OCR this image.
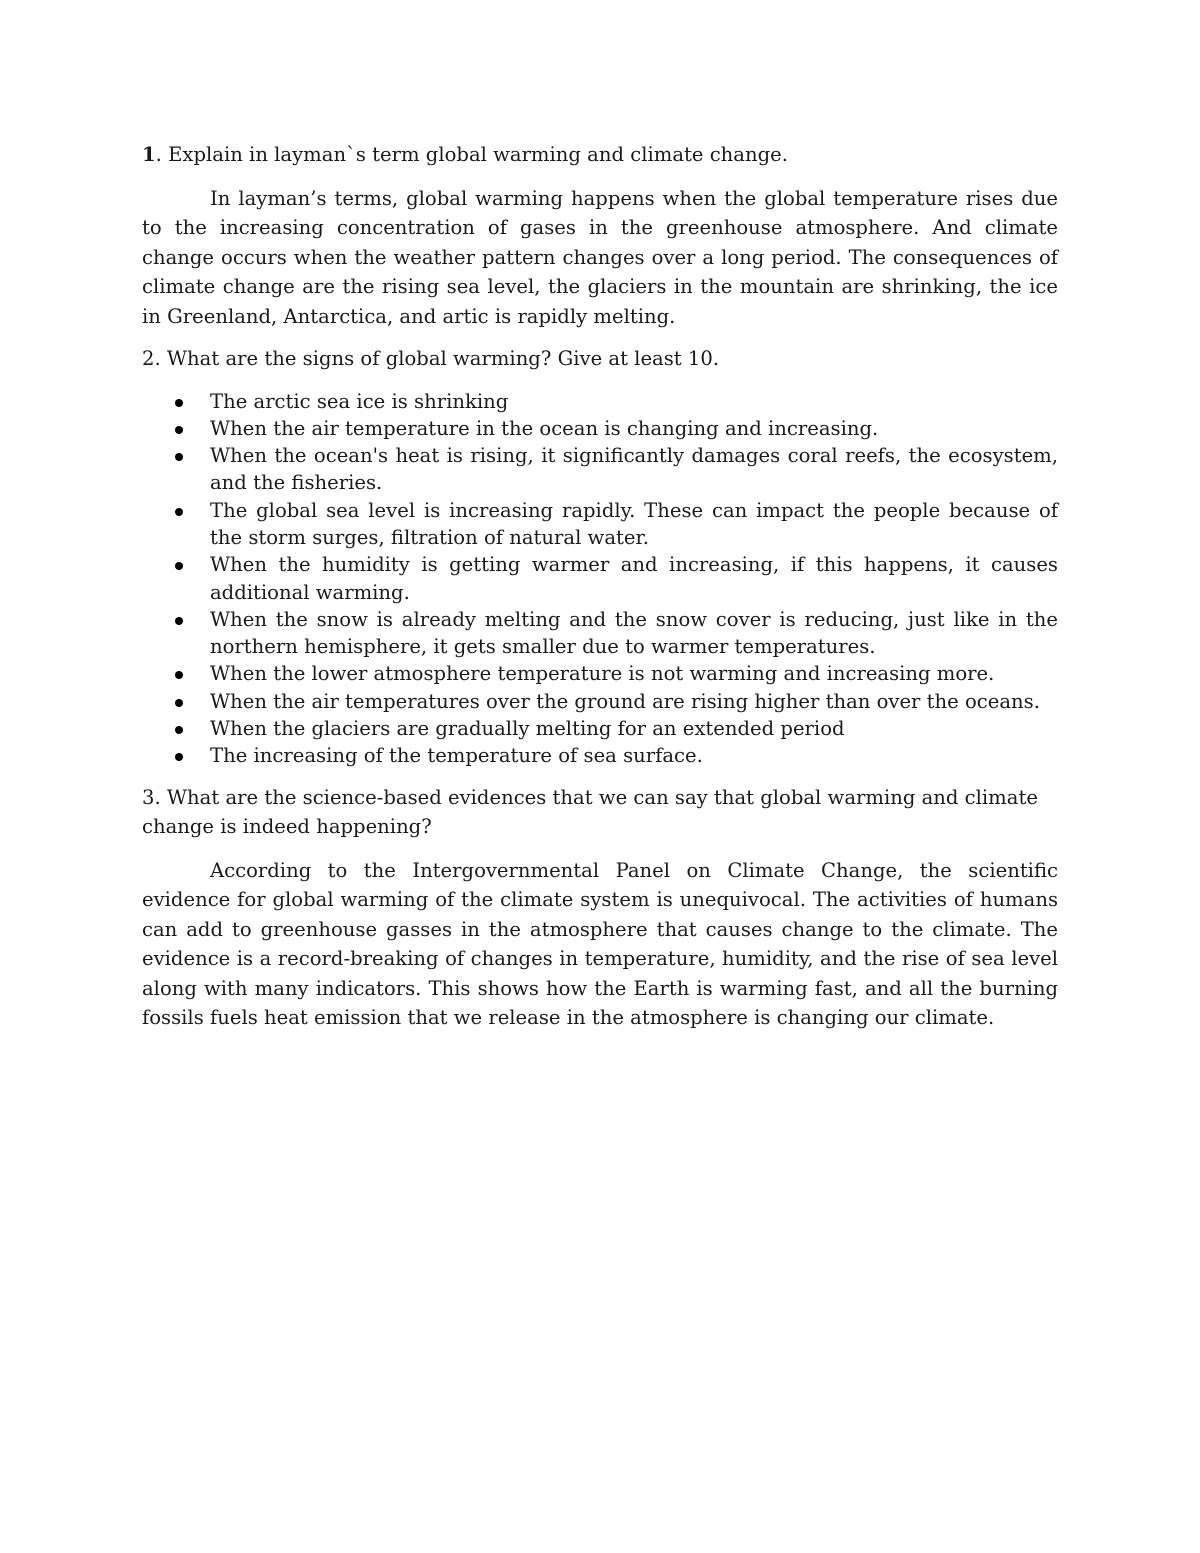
1. Explain in layman`s term global warming and climate change.

In layman’s terms, global warming happens when the global temperature rises due to the increasing concentration of gases in the greenhouse atmosphere. And climate change occurs when the weather pattern changes over a long period. The consequences of climate change are the rising sea level, the glaciers in the mountain are shrinking, the ice in Greenland, Antarctica, and artic is rapidly melting.

2. What are the signs of global warming? Give at least 10.

The arctic sea ice is shrinking
When the air temperature in the ocean is changing and increasing.
When the ocean's heat is rising, it significantly damages coral reefs, the ecosystem, and the fisheries.
The global sea level is increasing rapidly. These can impact the people because of the storm surges, filtration of natural water.
When the humidity is getting warmer and increasing, if this happens, it causes additional warming.
When the snow is already melting and the snow cover is reducing, just like in the northern hemisphere, it gets smaller due to warmer temperatures.
When the lower atmosphere temperature is not warming and increasing more.
When the air temperatures over the ground are rising higher than over the oceans.
When the glaciers are gradually melting for an extended period
The increasing of the temperature of sea surface.

3. What are the science-based evidences that we can say that global warming and climate change is indeed happening?

According to the Intergovernmental Panel on Climate Change, the scientific evidence for global warming of the climate system is unequivocal. The activities of humans can add to greenhouse gasses in the atmosphere that causes change to the climate. The evidence is a record-breaking of changes in temperature, humidity, and the rise of sea level along with many indicators. This shows how the Earth is warming fast, and all the burning fossils fuels heat emission that we release in the atmosphere is changing our climate.
